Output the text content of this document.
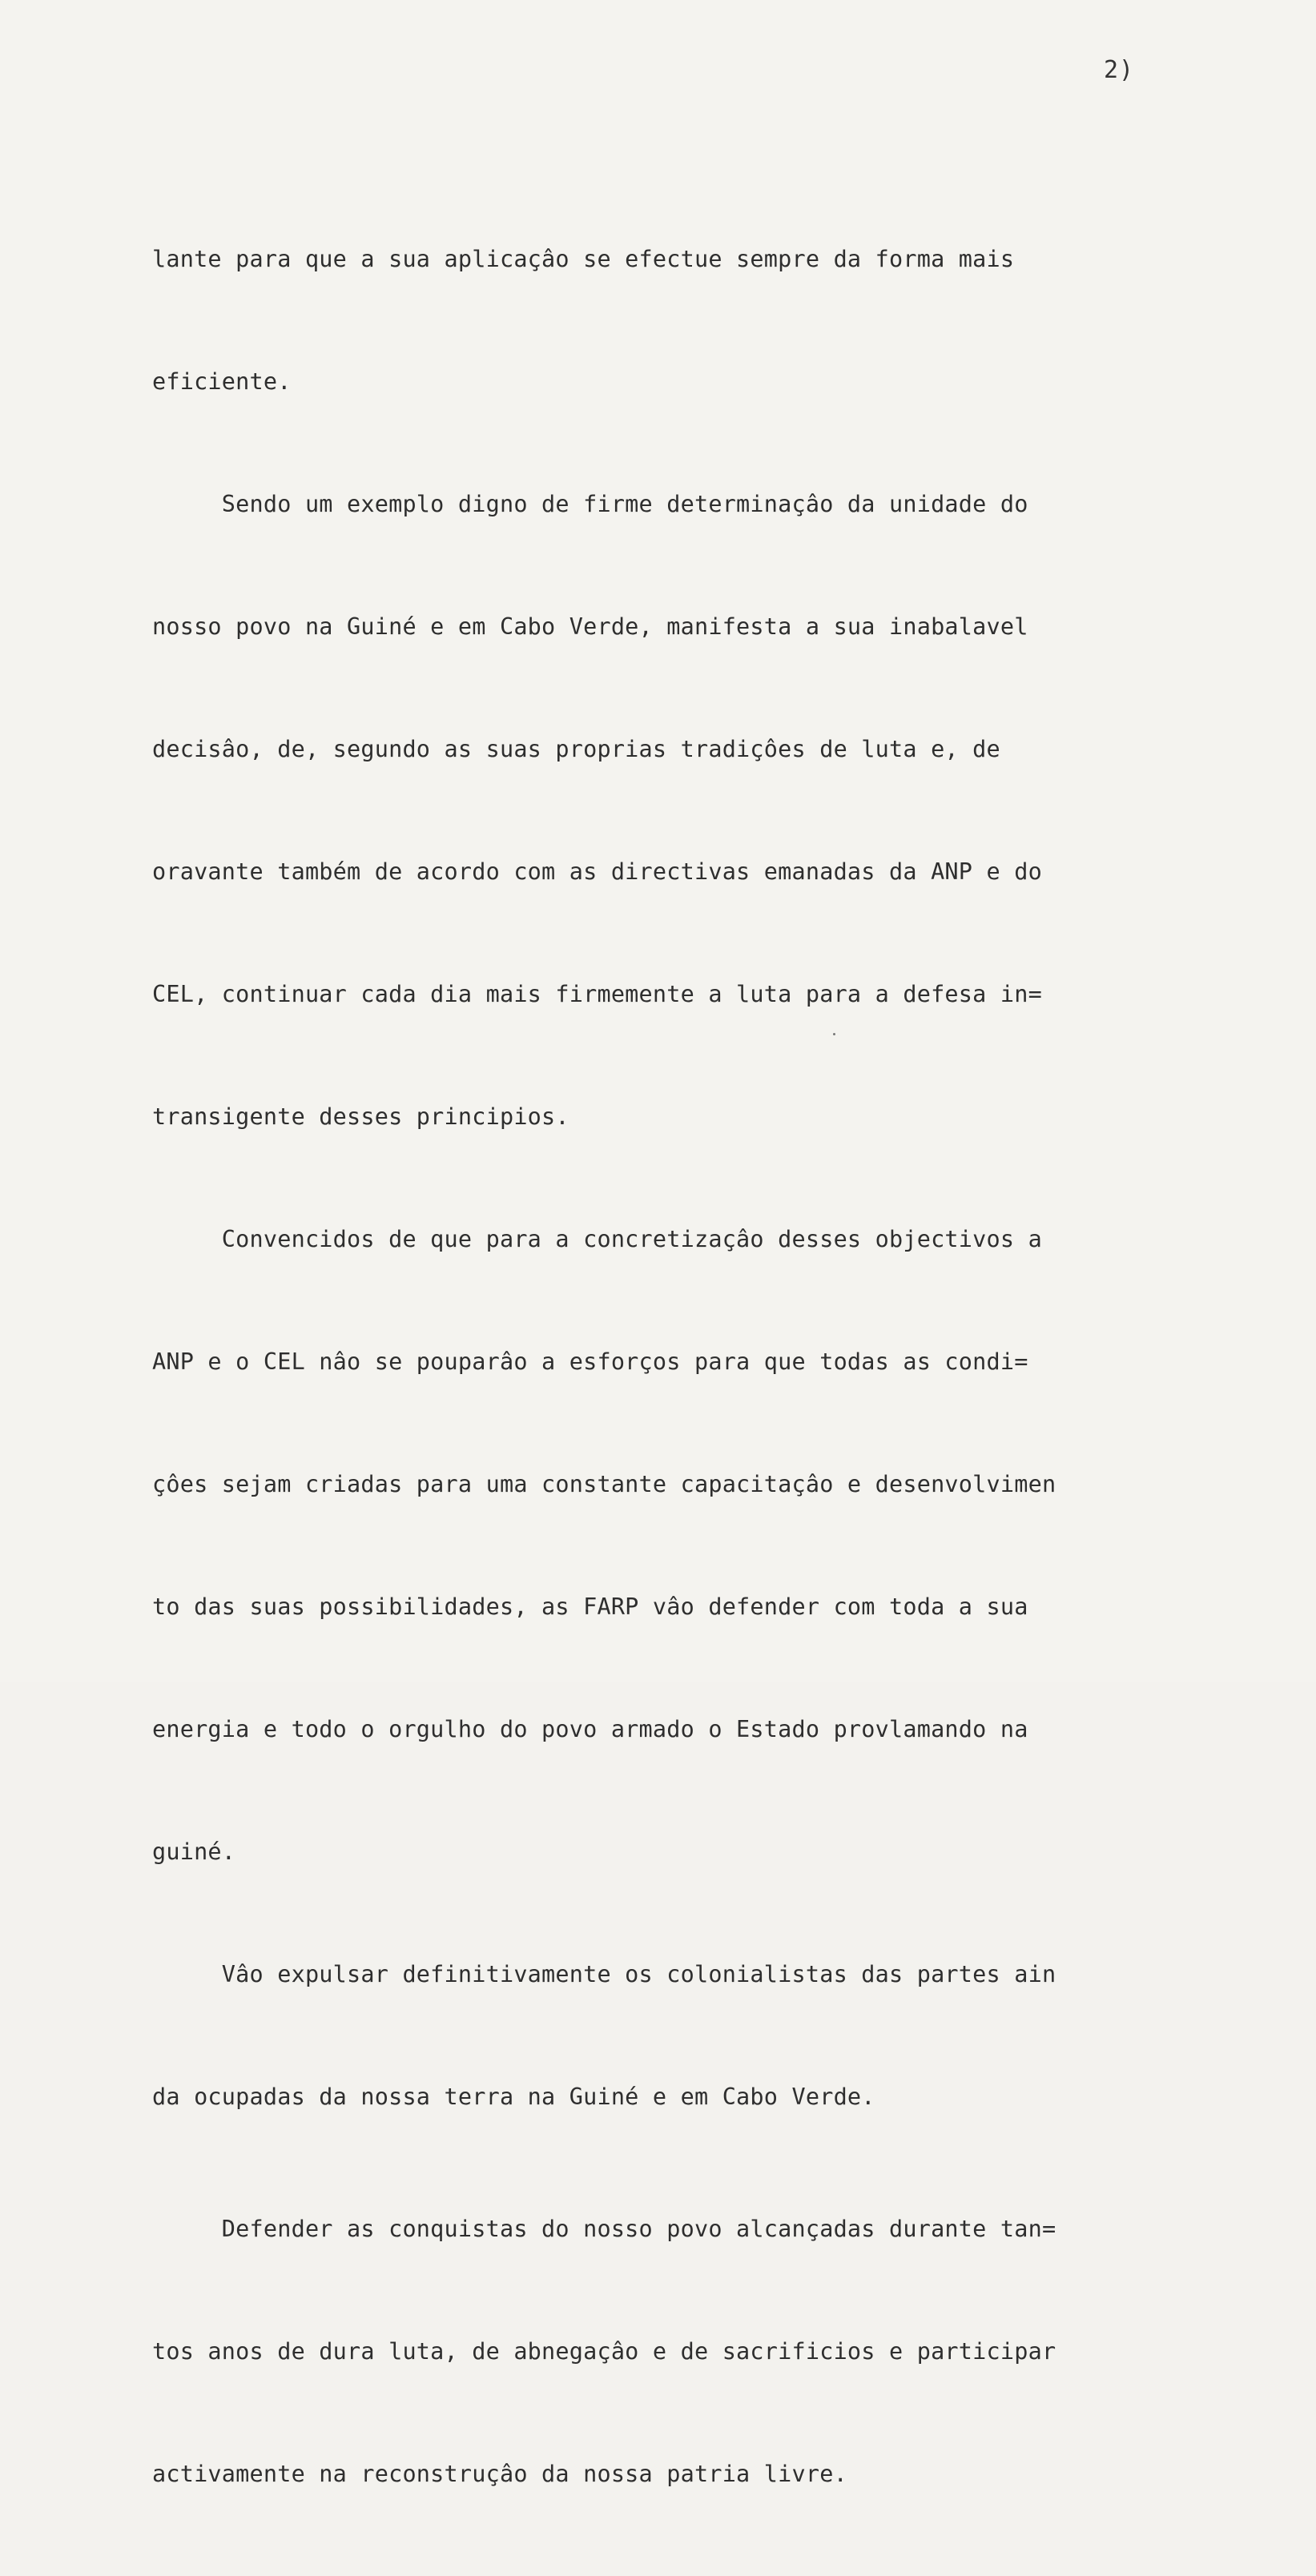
2)

lante para que a sua aplicaçâo se efectue sempre da forma mais

eficiente.

Sendo um exemplo digno de firme determinaçâo da unidade do

nosso povo na Guiné e em Cabo Verde, manifesta a sua inabalavel

decisâo, de, segundo as suas proprias tradiçôes de luta e, de

oravante também de acordo com as directivas emanadas da ANP e do

CEL, continuar cada dia mais firmemente a luta para a defesa in=

transigente desses principios.

Convencidos de que para a concretizaçâo desses objectivos a

ANP e o CEL nâo se pouparâo a esforços para que todas as condi=

çôes sejam criadas para uma constante capacitaçâo e desenvolvimen

to das suas possibilidades, as FARP vâo defender com toda a sua

energia e todo o orgulho do povo armado o Estado provlamando na

guiné.

Vâo expulsar definitivamente os colonialistas das partes ain

da ocupadas da nossa terra na Guiné e em Cabo Verde.

Defender as conquistas do nosso povo alcançadas durante tan=

tos anos de dura luta, de abnegaçâo e de sacrificios e participar

activamente na reconstruçâo da nossa patria livre.
